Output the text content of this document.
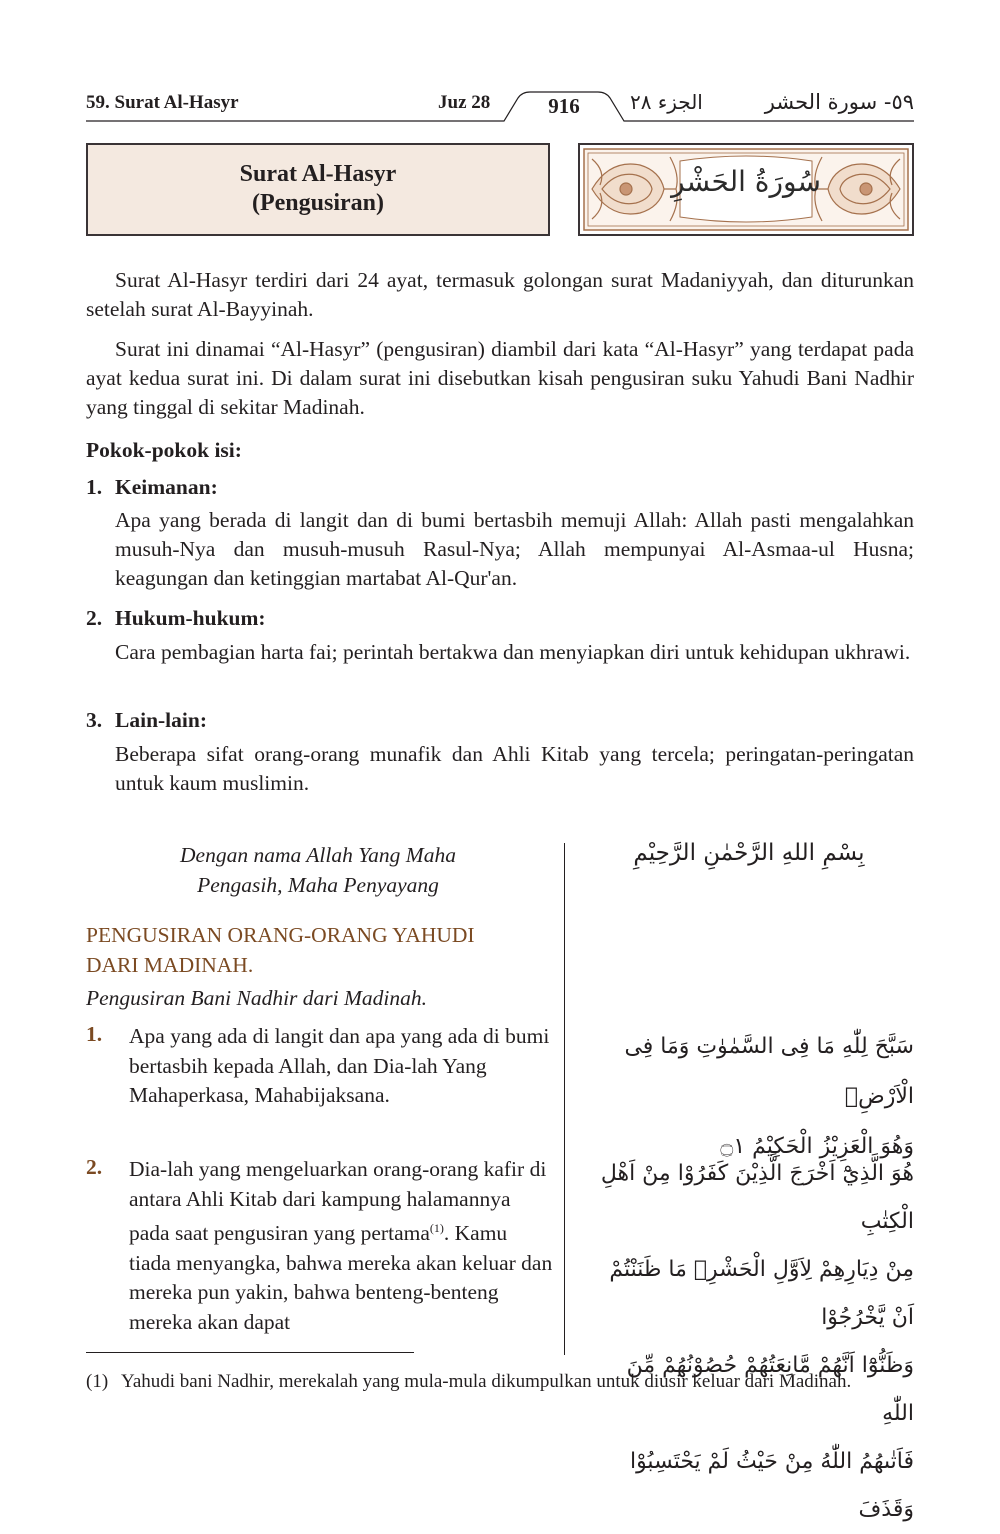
59. Surat Al-Hasyr	Juz 28	916	الجزء ٢٨	٥٩- سورة الحشر
Surat Al-Hasyr
(Pengusiran)
سُورَةُ الحَشْرِ

Surat Al-Hasyr terdiri dari 24 ayat, termasuk golongan surat Madaniyyah, dan diturunkan setelah surat Al-Bayyinah.

Surat ini dinamai “Al-Hasyr” (pengusiran) diambil dari kata “Al-Hasyr” yang terdapat pada ayat kedua surat ini. Di dalam surat ini disebutkan kisah pengusiran suku Yahudi Bani Nadhir yang tinggal di sekitar Madinah.

Pokok-pokok isi:
1. Keimanan:

Apa yang berada di langit dan di bumi bertasbih memuji Allah: Allah pasti mengalahkan musuh-Nya dan musuh-musuh Rasul-Nya; Allah mempunyai Al-Asmaa-ul Husna; keagungan dan ketinggian martabat Al-Qur'an.

2. Hukum-hukum:

Cara pembagian harta fai; perintah bertakwa dan menyiapkan diri untuk kehidupan ukhrawi.

3. Lain-lain:

Beberapa sifat orang-orang munafik dan Ahli Kitab yang tercela; peringatan-peringatan untuk kaum muslimin.

Dengan nama Allah Yang Maha
Pengasih, Maha Penyayang
بِسْمِ اللهِ الرَّحْمٰنِ الرَّحِيْمِ
PENGUSIRAN ORANG-ORANG YAHUDI
DARI MADINAH.
Pengusiran Bani Nadhir dari Madinah.
1. Apa yang ada di langit dan apa yang ada di bumi bertasbih kepada Allah, dan Dia-lah Yang Mahaperkasa, Mahabijaksana.

سَبَّحَ لِلّٰهِ مَا فِى السَّمٰوٰتِ وَمَا فِى الْاَرْضِۚ
وَهُوَ الْعَزِيْزُ الْحَكِيْمُ ۝١
2. Dia-lah yang mengeluarkan orang-orang kafir di antara Ahli Kitab dari kampung halamannya pada saat pengusiran yang pertama$^{(1)}$. Kamu tiada menyangka, bahwa mereka akan keluar dan mereka pun yakin, bahwa benteng-benteng mereka akan dapat

هُوَ الَّذِيْٓ اَخْرَجَ الَّذِيْنَ كَفَرُوْا مِنْ اَهْلِ الْكِتٰبِ
مِنْ دِيَارِهِمْ لِاَوَّلِ الْحَشْرِۗ مَا ظَنَنْتُمْ اَنْ يَّخْرُجُوْا
وَظَنُّوْٓا اَنَّهُمْ مَّانِعَتُهُمْ حُصُوْنُهُمْ مِّنَ اللّٰهِ
فَاَتٰىهُمُ اللّٰهُ مِنْ حَيْثُ لَمْ يَحْتَسِبُوْا وَقَذَفَ
(1) Yahudi bani Nadhir, merekalah yang mula-mula dikumpulkan untuk diusir keluar dari Madinah.
